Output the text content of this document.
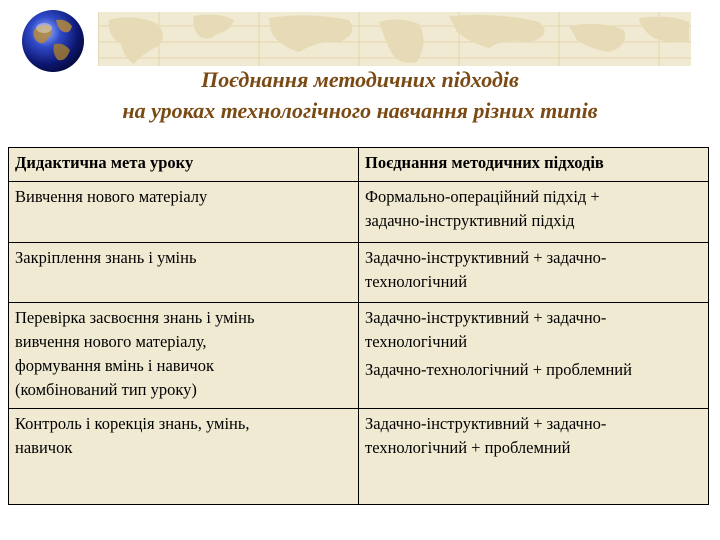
Поєднання методичних підходів
на уроках технологічного навчання різних типів
Дидактична мета уроку	Поєднання методичних підходів

Вивчення нового матеріалу	Формально-операційний підхід +
задачно-інструктивний підхід

Закріплення знань і умінь	Задачно-інструктивний + задачно-
технологічний

Перевірка засвоєння знань і умінь
вивчення нового матеріалу,
формування вмінь і навичок
(комбінований тип уроку)	Задачно-інструктивний + задачно-
технологічний
Задачно-технологічний + проблемний

Контроль і корекція знань, умінь,
навичок	Задачно-інструктивний + задачно-
технологічний + проблемний
